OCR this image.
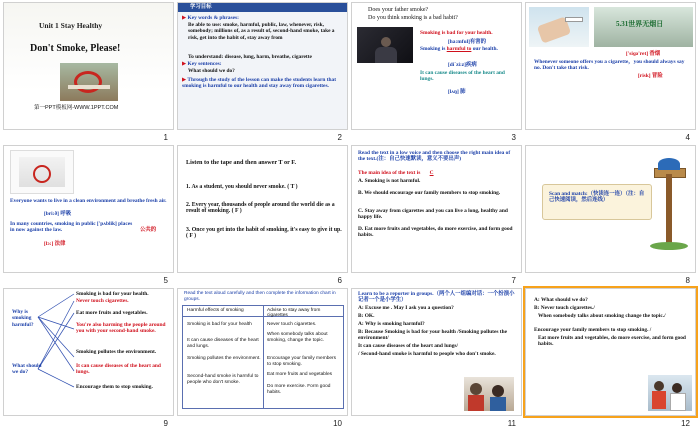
Unit 1 Stay Healthy
Don't Smoke, Please!
第一PPT模板网-WWW.1PPT.COM
1
学习目标
▶ Key words & phrases:
Be able to use: smoke, harmful, public, law, whenever, risk, somebody; millions of, as a result of, second-hand smoke, take a risk, get into the habit of, stay away from
To understand: disease, lung, harm, breathe, cigarette
▶ Key sentences:
What should we do?
▶ Through the study of the lesson can make the students learn that smoking is harmful to our health and stay away from cigarettes.
2
Does your father smoke?
Do you think smoking is a bad habit?
Smoking is bad for your health.
[ha:mful]有害的
Smoking is harmful to our health.
[di`zi:z]疾病
It can cause diseases of the heart and lungs.
[lʌŋ] 肺
3
5.31世界无烟日
['siɡə'ret] 香烟
Whenever someone offers you a cigarette，you should always say no. Don't take that risk.
[risk] 冒险
4
Everyone wants to live in a clean environment and breathe fresh air.
[bri:ð] 呼吸
In many countries, smoking in public ['pʌblik] places in now against the law.	公共的
[lɔ:] 法律
5
Listen to the tape and then answer T or F.
1. As a student, you should never smoke. ( T )
2. Every year, thousands of people around the world die as a result of smoking. ( F )
3. Once you get into the habit of smoking, it's easy to give it up. ( F )
6
Read the text in a low voice and then choose the right main idea of the text.(注：自己快速默读，意义不要出声)
The main idea of the text is C
A. Smoking is not harmful.
B. We should encourage our family members to stop smoking.
C. Stay away from cigarettes and you can live a long, healthy and happy life.
D. Eat more fruits and vegetables, do more exercise, and form good habits.
7
Scan and match:（快读连一连）（注：自己快速阅读，然后连线）
8
Why is smoking harmful?
What should we do?
Smoking is bad for your health.
Never touch cigarettes.
Eat more fruits and vegetables.
You're also harming the people around you with your second-hand smoke.
Smoking pollutes the environment.
It can cause diseases of the heart and lungs.
Encourage them to stop smoking.
9
Read the text aloud carefully and then complete the information chart in groups.
Harmful effects of smoking	Advise to stay away from cigarettes
Smoking is bad for your health
It can cause diseases of the heart and lungs.
Smoking pollutes the environment.
Second-hand smoke is harmful to people who don't smoke.
Never touch cigarettes.
When somebody talks about smoking, change the topic.
Encourage your family members to stop smoking.
Eat more fruits and vegetables
Do more exercise. Form good habits.
10
Learn to be a reporter in groups.（两个人一组编对话：一个扮演小记者一个是小学生）
A: Excuse me . May I ask you a question?
B: OK.
A: Why is smoking harmful?
B: Because Smoking is bad for your health /Smoking pollutes the environment/
It can cause diseases of the heart and lungs/
/ Second-hand smoke is harmful to people who don't smoke.
11
A: What should we do?
B: Never touch cigarettes./
When somebody talks about smoking change the topic./
Encourage your family members to stop smoking. /
Eat more fruits and vegetables, do more exercise, and form good habits.
12
